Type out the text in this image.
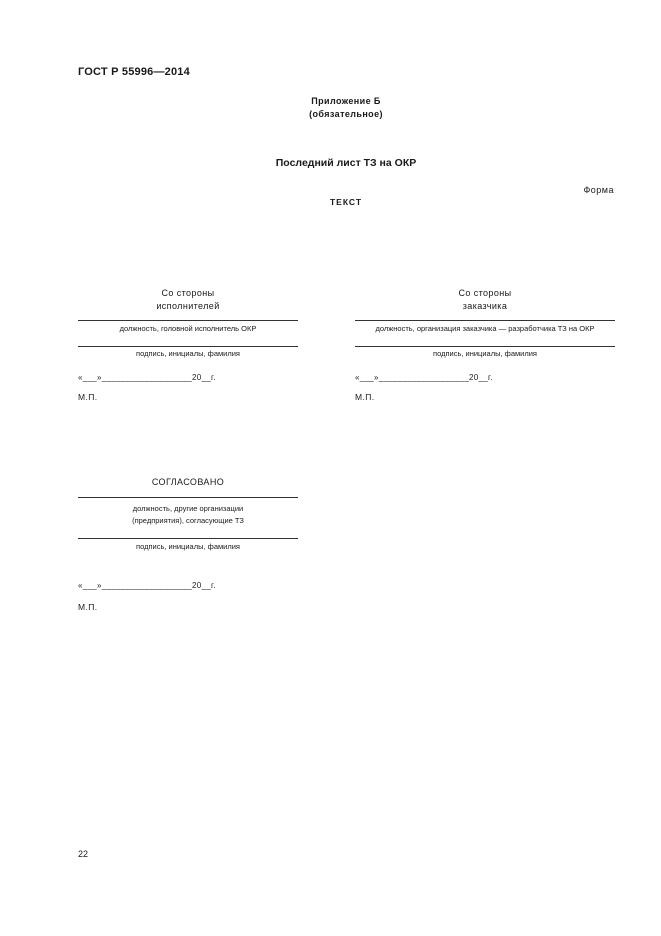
ГОСТ Р 55996—2014
Приложение Б
(обязательное)
Последний лист ТЗ на ОКР
Форма
ТЕКСТ
Со стороны
исполнителей
должность, головной исполнитель ОКР
подпись, инициалы, фамилия
«___»___________________20__г.
М.П.
Со стороны
заказчика
должность, организация заказчика — разработчика ТЗ на ОКР
подпись, инициалы, фамилия
«___»___________________20__г.
М.П.
СОГЛАСОВАНО
должность, другие организации
(предприятия), согласующие ТЗ
подпись, инициалы, фамилия
«___»___________________20__г.
М.П.
22
